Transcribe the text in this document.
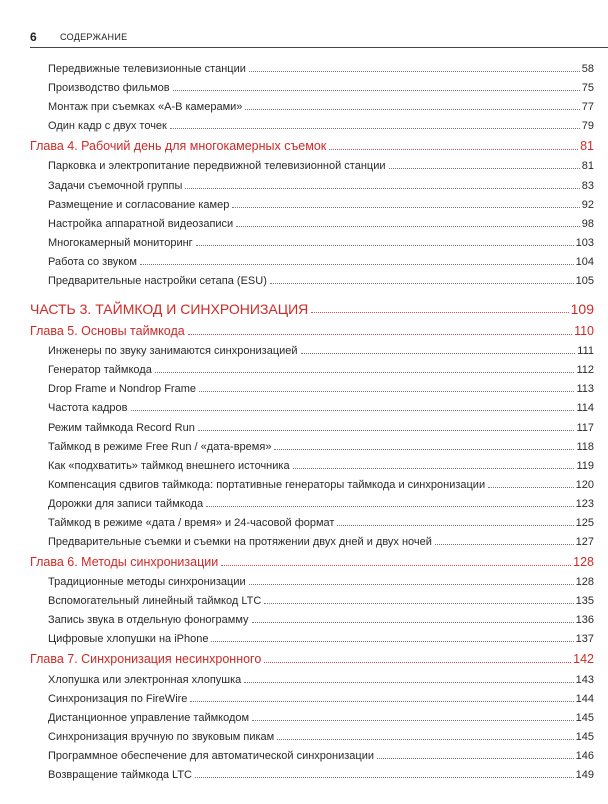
6	СОДЕРЖАНИЕ
Передвижные телевизионные станции	58
Производство фильмов	75
Монтаж при съемках «А-В камерами»	77
Один кадр с двух точек	79
Глава 4. Рабочий день для многокамерных съемок	81
Парковка и электропитание передвижной телевизионной станции	81
Задачи съемочной группы	83
Размещение и согласование камер	92
Настройка аппаратной видеозаписи	98
Многокамерный мониторинг	103
Работа со звуком	104
Предварительные настройки сетапа (ESU)	105
ЧАСТЬ 3. ТАЙМКОД И СИНХРОНИЗАЦИЯ	109
Глава 5. Основы таймкода	110
Инженеры по звуку занимаются синхронизацией	111
Генератор таймкода	112
Drop Frame и Nondrop Frame	113
Частота кадров	114
Режим таймкода Record Run	117
Таймкод в режиме Free Run / «дата-время»	118
Как «подхватить» таймкод внешнего источника	119
Компенсация сдвигов таймкода: портативные генераторы таймкода и синхронизации	120
Дорожки для записи таймкода	123
Таймкод в режиме «дата / время» и 24-часовой формат	125
Предварительные съемки и съемки на протяжении двух дней и двух ночей	127
Глава 6. Методы синхронизации	128
Традиционные методы синхронизации	128
Вспомогательный линейный таймкод LTC	135
Запись звука в отдельную фонограмму	136
Цифровые хлопушки на iPhone	137
Глава 7. Синхронизация несинхронного	142
Хлопушка или электронная хлопушка	143
Синхронизация по FireWire	144
Дистанционное управление таймкодом	145
Синхронизация вручную по звуковым пикам	145
Программное обеспечение для автоматической синхронизации	146
Возвращение таймкода LTC	149
